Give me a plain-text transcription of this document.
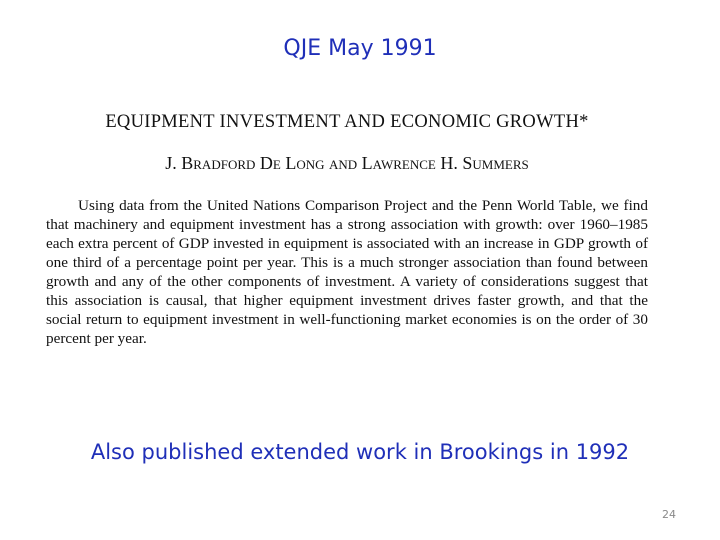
QJE May 1991
EQUIPMENT INVESTMENT AND ECONOMIC GROWTH*
J. Bradford De Long and Lawrence H. Summers

Using data from the United Nations Comparison Project and the Penn World Table, we find that machinery and equipment investment has a strong association with growth: over 1960–1985 each extra percent of GDP invested in equipment is associated with an increase in GDP growth of one third of a percentage point per year. This is a much stronger association than found between growth and any of the other components of investment. A variety of considerations suggest that this association is causal, that higher equipment investment drives faster growth, and that the social return to equipment investment in well-functioning market economies is on the order of 30 percent per year.

Also published extended work in Brookings in 1992
24
